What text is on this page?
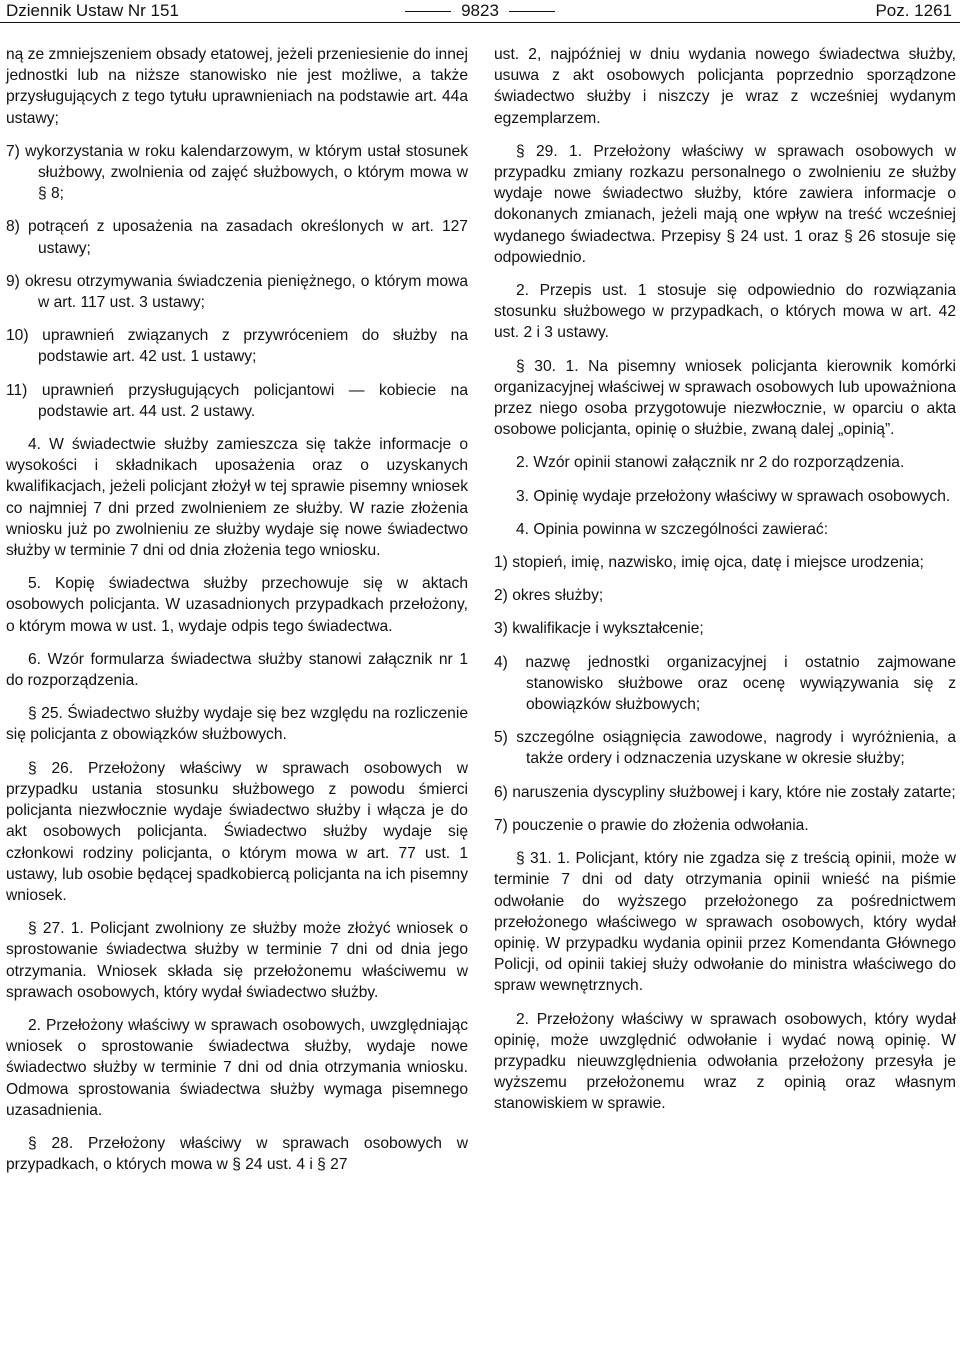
Dziennik Ustaw Nr 151	9823	Poz. 1261

ną ze zmniejszeniem obsady etatowej, jeżeli przeniesienie do innej jednostki lub na niższe stanowisko nie jest możliwe, a także przysługujących z tego tytułu uprawnieniach na podstawie art. 44a ustawy;

7) wykorzystania w roku kalendarzowym, w którym ustał stosunek służbowy, zwolnienia od zajęć służbowych, o którym mowa w § 8;

8) potrąceń z uposażenia na zasadach określonych w art. 127 ustawy;

9) okresu otrzymywania świadczenia pieniężnego, o którym mowa w art. 117 ust. 3 ustawy;

10) uprawnień związanych z przywróceniem do służby na podstawie art. 42 ust. 1 ustawy;

11) uprawnień przysługujących policjantowi — kobiecie na podstawie art. 44 ust. 2 ustawy.

4. W świadectwie służby zamieszcza się także informacje o wysokości i składnikach uposażenia oraz o uzyskanych kwalifikacjach, jeżeli policjant złożył w tej sprawie pisemny wniosek co najmniej 7 dni przed zwolnieniem ze służby. W razie złożenia wniosku już po zwolnieniu ze służby wydaje się nowe świadectwo służby w terminie 7 dni od dnia złożenia tego wniosku.

5. Kopię świadectwa służby przechowuje się w aktach osobowych policjanta. W uzasadnionych przypadkach przełożony, o którym mowa w ust. 1, wydaje odpis tego świadectwa.

6. Wzór formularza świadectwa służby stanowi załącznik nr 1 do rozporządzenia.

§ 25. Świadectwo służby wydaje się bez względu na rozliczenie się policjanta z obowiązków służbowych.

§ 26. Przełożony właściwy w sprawach osobowych w przypadku ustania stosunku służbowego z powodu śmierci policjanta niezwłocznie wydaje świadectwo służby i włącza je do akt osobowych policjanta. Świadectwo służby wydaje się członkowi rodziny policjanta, o którym mowa w art. 77 ust. 1 ustawy, lub osobie będącej spadkobiercą policjanta na ich pisemny wniosek.

§ 27. 1. Policjant zwolniony ze służby może złożyć wniosek o sprostowanie świadectwa służby w terminie 7 dni od dnia jego otrzymania. Wniosek składa się przełożonemu właściwemu w sprawach osobowych, który wydał świadectwo służby.

2. Przełożony właściwy w sprawach osobowych, uwzględniając wniosek o sprostowanie świadectwa służby, wydaje nowe świadectwo służby w terminie 7 dni od dnia otrzymania wniosku. Odmowa sprostowania świadectwa służby wymaga pisemnego uzasadnienia.

§ 28. Przełożony właściwy w sprawach osobowych w przypadkach, o których mowa w § 24 ust. 4 i § 27

ust. 2, najpóźniej w dniu wydania nowego świadectwa służby, usuwa z akt osobowych policjanta poprzednio sporządzone świadectwo służby i niszczy je wraz z wcześniej wydanym egzemplarzem.

§ 29. 1. Przełożony właściwy w sprawach osobowych w przypadku zmiany rozkazu personalnego o zwolnieniu ze służby wydaje nowe świadectwo służby, które zawiera informacje o dokonanych zmianach, jeżeli mają one wpływ na treść wcześniej wydanego świadectwa. Przepisy § 24 ust. 1 oraz § 26 stosuje się odpowiednio.

2. Przepis ust. 1 stosuje się odpowiednio do rozwiązania stosunku służbowego w przypadkach, o których mowa w art. 42 ust. 2 i 3 ustawy.

§ 30. 1. Na pisemny wniosek policjanta kierownik komórki organizacyjnej właściwej w sprawach osobowych lub upoważniona przez niego osoba przygotowuje niezwłocznie, w oparciu o akta osobowe policjanta, opinię o służbie, zwaną dalej „opinią”.

2. Wzór opinii stanowi załącznik nr 2 do rozporządzenia.

3. Opinię wydaje przełożony właściwy w sprawach osobowych.

4. Opinia powinna w szczególności zawierać:

1) stopień, imię, nazwisko, imię ojca, datę i miejsce urodzenia;

2) okres służby;

3) kwalifikacje i wykształcenie;

4) nazwę jednostki organizacyjnej i ostatnio zajmowane stanowisko służbowe oraz ocenę wywiązywania się z obowiązków służbowych;

5) szczególne osiągnięcia zawodowe, nagrody i wyróżnienia, a także ordery i odznaczenia uzyskane w okresie służby;

6) naruszenia dyscypliny służbowej i kary, które nie zostały zatarte;

7) pouczenie o prawie do złożenia odwołania.

§ 31. 1. Policjant, który nie zgadza się z treścią opinii, może w terminie 7 dni od daty otrzymania opinii wnieść na piśmie odwołanie do wyższego przełożonego za pośrednictwem przełożonego właściwego w sprawach osobowych, który wydał opinię. W przypadku wydania opinii przez Komendanta Głównego Policji, od opinii takiej służy odwołanie do ministra właściwego do spraw wewnętrznych.

2. Przełożony właściwy w sprawach osobowych, który wydał opinię, może uwzględnić odwołanie i wydać nową opinię. W przypadku nieuwzględnienia odwołania przełożony przesyła je wyższemu przełożonemu wraz z opinią oraz własnym stanowiskiem w sprawie.
